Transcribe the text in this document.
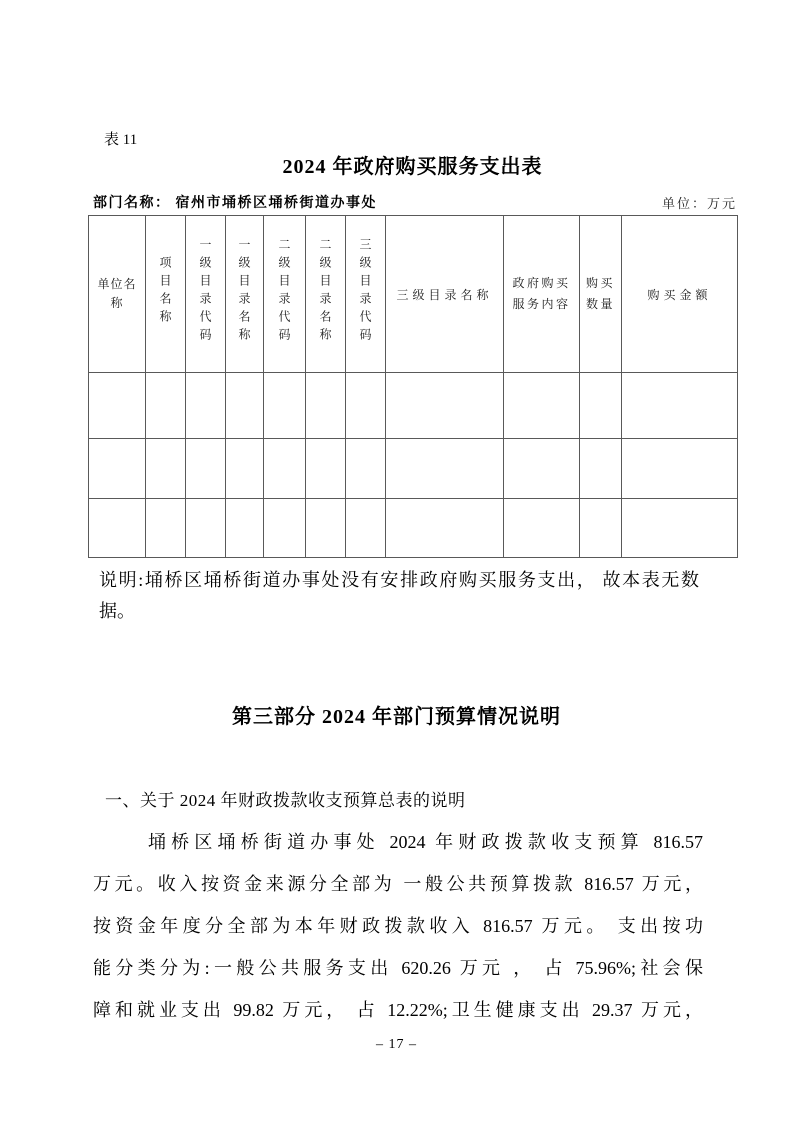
表 11
2024 年政府购买服务支出表
部门名称： 宿州市埇桥区埇桥街道办事处	单位：万元
单位名称	项目名称	一级目录代码	一级目录名称	二级目录代码	二级目录名称	三级目录代码	三级目录名称	政府购买服务内容	购买数量	购买金额

说明:埇桥区埇桥街道办事处没有安排政府购买服务支出， 故本表无数
据。
第三部分 2024 年部门预算情况说明
一、关于 2024 年财政拨款收支预算总表的说明
埇桥区埇桥街道办事处 2024 年财政拨款收支预算 816.57
万元。收入按资金来源分全部为 一般公共预算拨款 816.57 万元，
按资金年度分全部为本年财政拨款收入 816.57 万元。 支出按功
能分类分为:一般公共服务支出 620.26 万元 ， 占 75.96%;社会保
障和就业支出 99.82 万元， 占 12.22%;卫生健康支出 29.37 万元，
– 17 –
